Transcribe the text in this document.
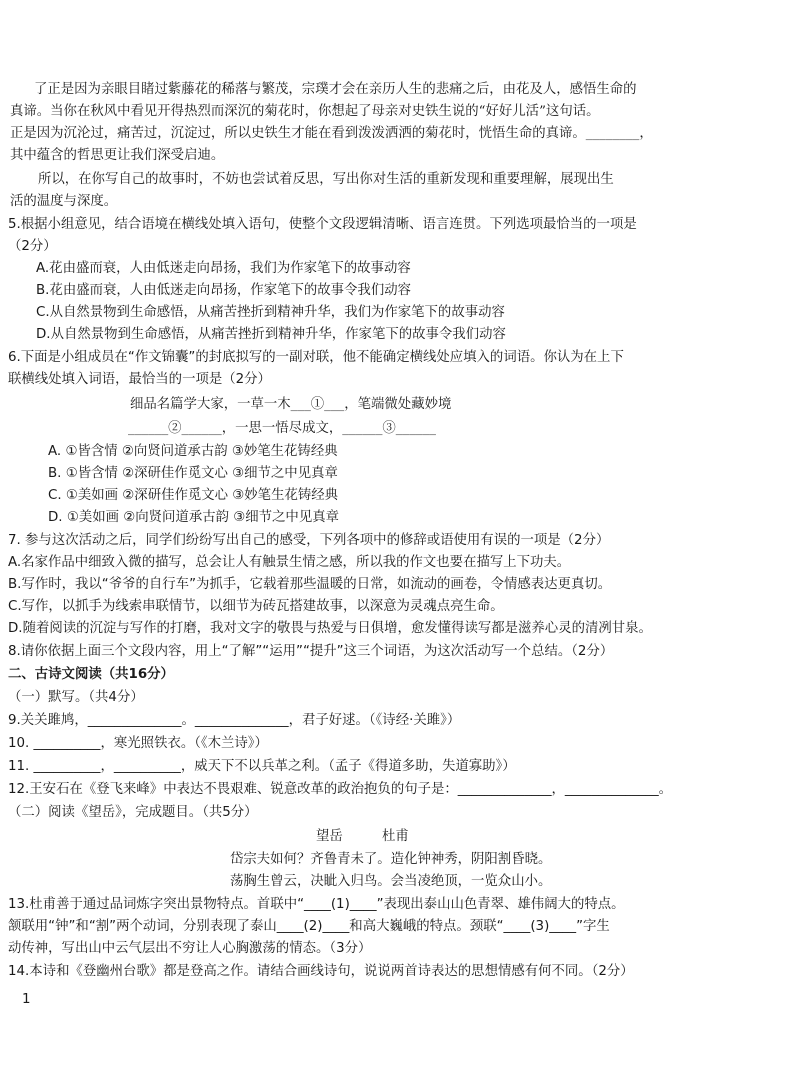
了正是因为亲眼目睹过紫藤花的稀落与繁茂，宗璞才会在亲历人生的悲痛之后，由花及人，感悟生命的
真谛。当你在秋风中看见开得热烈而深沉的菊花时，你想起了母亲对史铁生说的“好好儿活”这句话。
正是因为沉沦过，痛苦过，沉淀过，所以史铁生才能在看到泼泼洒洒的菊花时，恍悟生命的真谛。________，
其中蕴含的哲思更让我们深受启迪。
所以，在你写自己的故事时，不妨也尝试着反思，写出你对生活的重新发现和重要理解，展现出生
活的温度与深度。
5.根据小组意见，结合语境在横线处填入语句，使整个文段逻辑清晰、语言连贯。下列选项最恰当的一项是
（2分）
A.花由盛而衰，人由低迷走向昂扬，我们为作家笔下的故事动容
B.花由盛而衰，人由低迷走向昂扬，作家笔下的故事令我们动容
C.从自然景物到生命感悟，从痛苦挫折到精神升华，我们为作家笔下的故事动容
D.从自然景物到生命感悟，从痛苦挫折到精神升华，作家笔下的故事令我们动容
6.下面是小组成员在“作文锦囊”的封底拟写的一副对联，他不能确定横线处应填入的词语。你认为在上下
联横线处填入词语，最恰当的一项是（2分）
细品名篇学大家，一草一木___①___，笔端微处藏妙境
______②______，一思一悟尽成文，______③______
A. ①皆含情 ②向贤问道承古韵 ③妙笔生花铸经典
B. ①皆含情 ②深研佳作觅文心 ③细节之中见真章
C. ①美如画 ②深研佳作觅文心 ③妙笔生花铸经典
D. ①美如画 ②向贤问道承古韵 ③细节之中见真章
7. 参与这次活动之后，同学们纷纷写出自己的感受，下列各项中的修辞或语使用有误的一项是（2分）
A.名家作品中细致入微的描写，总会让人有触景生情之感，所以我的作文也要在描写上下功夫。
B.写作时，我以“爷爷的自行车”为抓手，它载着那些温暖的日常，如流动的画卷，令情感表达更真切。
C.写作，以抓手为线索串联情节，以细节为砖瓦搭建故事，以深意为灵魂点亮生命。
D.随着阅读的沉淀与写作的打磨，我对文字的敬畏与热爱与日俱增，愈发懂得读写都是滋养心灵的清冽甘泉。
8.请你依据上面三个文段内容，用上“了解”“运用”“提升”这三个词语，为这次活动写一个总结。（2分）
二、古诗文阅读（共16分）
（一）默写。（共4分）
9.关关雎鸠，______________。______________，君子好逑。（《诗经·关雎》）
10. __________，寒光照铁衣。（《木兰诗》）
11. __________，__________，威天下不以兵革之利。（孟子《得道多助，失道寡助》）
12.王安石在《登飞来峰》中表达不畏艰难、锐意改革的政治抱负的句子是：______________，______________。
（二）阅读《望岳》，完成题目。（共5分）
望岳	杜甫
岱宗夫如何？齐鲁青未了。造化钟神秀，阴阳割昏晓。
荡胸生曾云，决眦入归鸟。会当凌绝顶，一览众山小。
13.杜甫善于通过品词炼字突出景物特点。首联中“____(1)____”表现出泰山山色青翠、雄伟阔大的特点。
颔联用“钟”和“割”两个动词，分别表现了泰山____(2)____和高大巍峨的特点。颈联“____(3)____”字生
动传神，写出山中云气层出不穷让人心胸激荡的情态。（3分）
14.本诗和《登幽州台歌》都是登高之作。请结合画线诗句，说说两首诗表达的思想情感有何不同。（2分）
1
